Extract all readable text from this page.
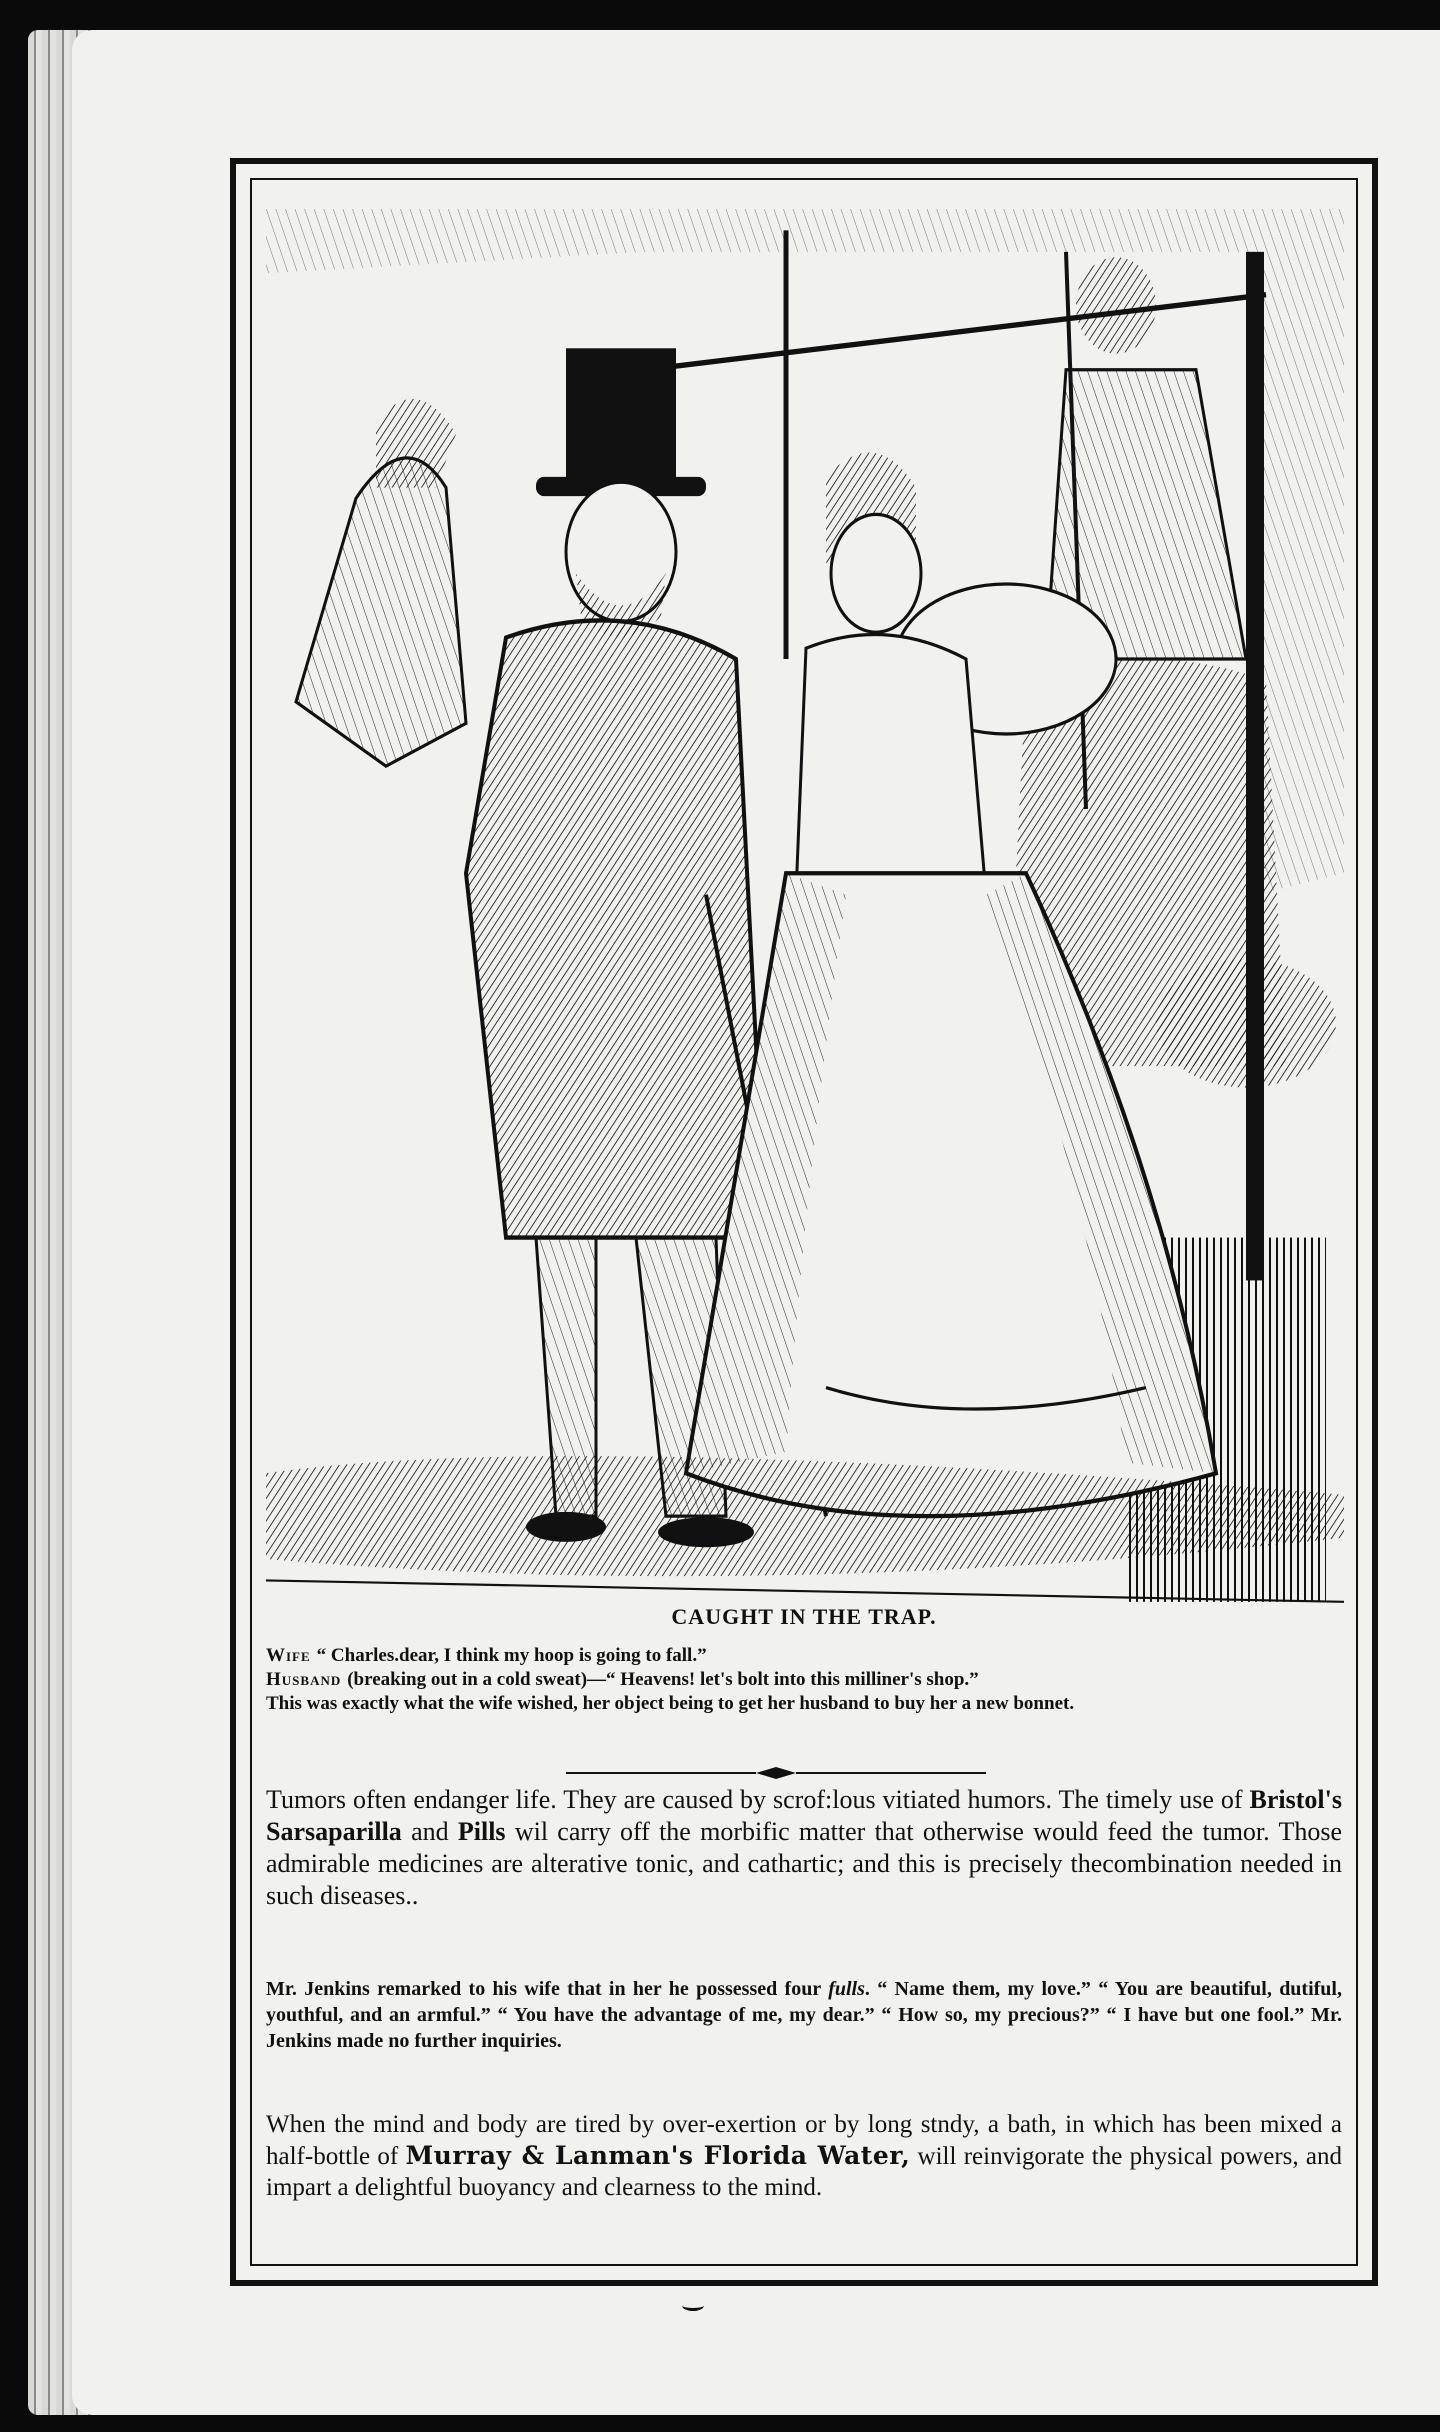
CAUGHT IN THE TRAP.

Wife “ Charles.dear, I think my hoop is going to fall.”

Husband (breaking out in a cold sweat)—“ Heavens! let's bolt into this milliner's shop.”

This was exactly what the wife wished, her object being to get her husband to buy her a new bonnet.

Tumors often endanger life. They are caused by scrof:lous vitiated humors. The timely use of Bristol's Sarsaparilla and Pills wil carry off the morbific matter that otherwise would feed the tumor. Those admirable medicines are alterative tonic, and cathartic; and this is precisely thecombination needed in such diseases..
Mr. Jenkins remarked to his wife that in her he possessed four fulls. “ Name them, my love.” “ You are beautiful, dutiful, youthful, and an armful.” “ You have the advantage of me, my dear.” “ How so, my precious?” “ I have but one fool.” Mr. Jenkins made no further inquiries.
When the mind and body are tired by over-exertion or by long stndy, a bath, in which has been mixed a half-bottle of Murray & Lanman's Florida Water, will reinvigorate the physical powers, and impart a delightful buoyancy and clearness to the mind.
